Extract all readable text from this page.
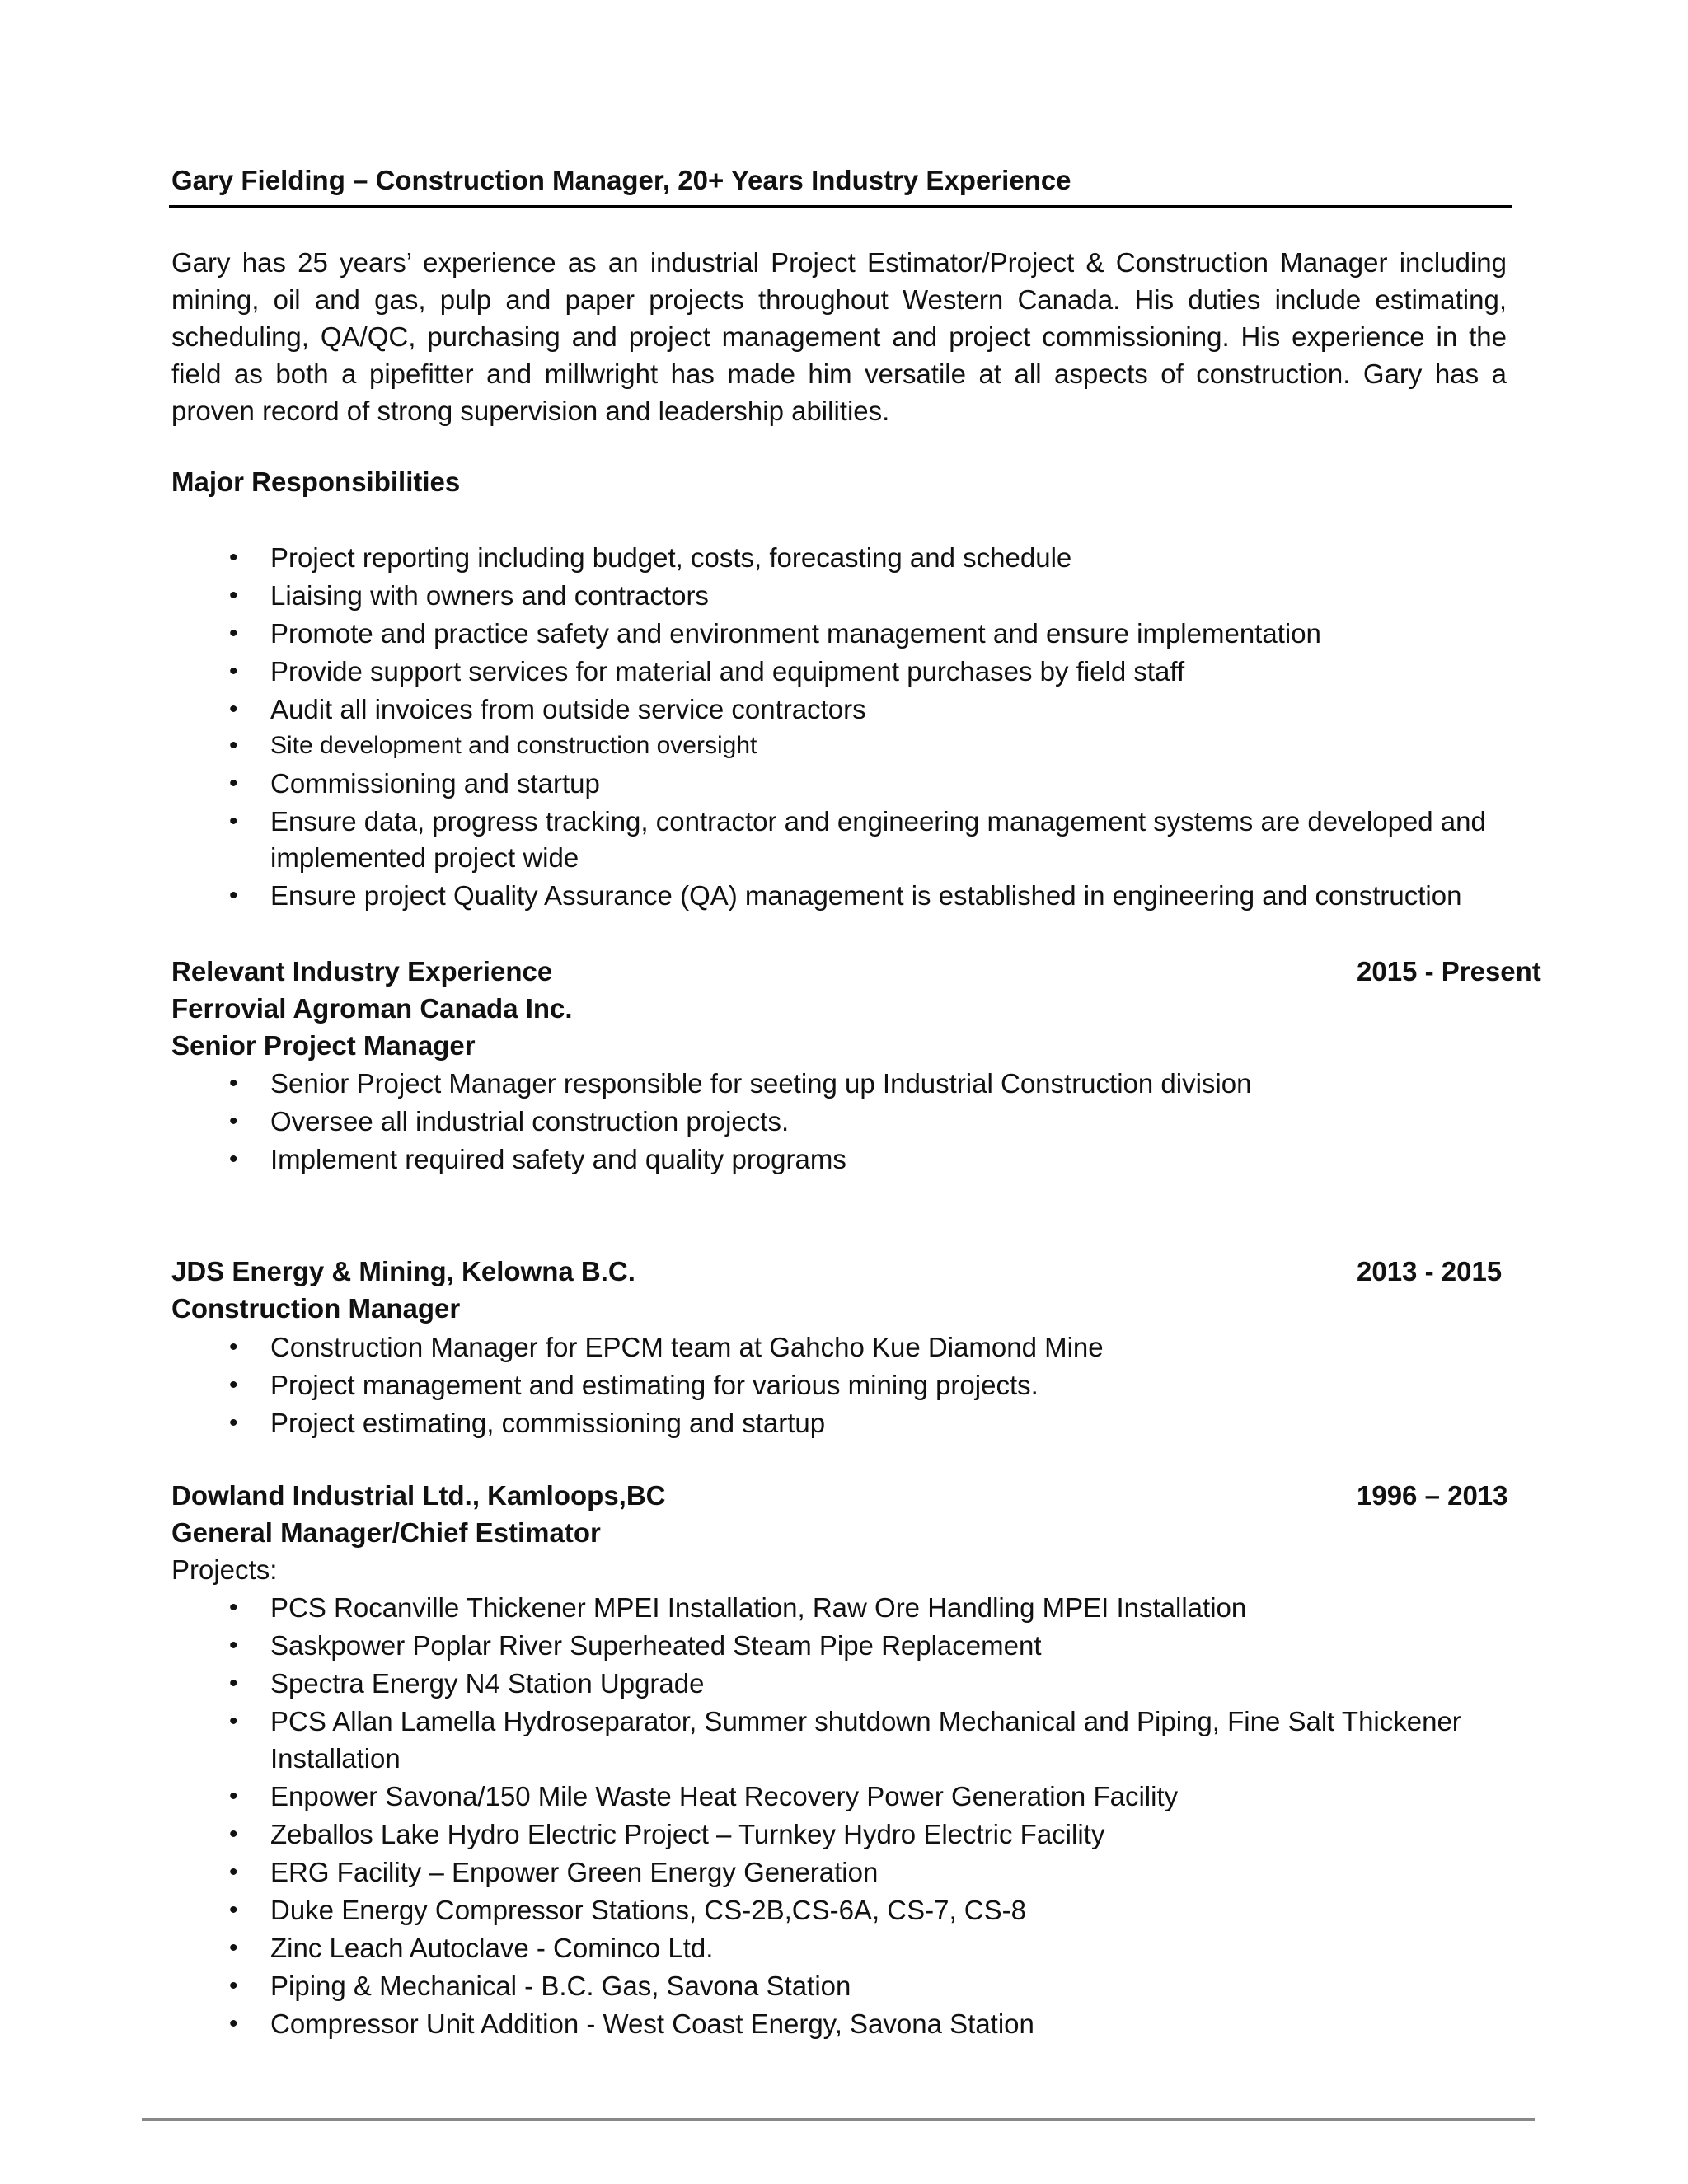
Gary Fielding – Construction Manager, 20+ Years Industry Experience
Gary has 25 years’ experience as an industrial Project Estimator/Project & Construction Manager including
mining, oil and gas, pulp and paper projects throughout Western Canada. His duties include estimating,
scheduling, QA/QC, purchasing and project management and project commissioning. His experience in the
field as both a pipefitter and millwright has made him versatile at all aspects of construction. Gary has a
proven record of strong supervision and leadership abilities.
Major Responsibilities
• Project reporting including budget, costs, forecasting and schedule
• Liaising with owners and contractors
• Promote and practice safety and environment management and ensure implementation
• Provide support services for material and equipment purchases by field staff
• Audit all invoices from outside service contractors
• Site development and construction oversight
• Commissioning and startup
• Ensure data, progress tracking, contractor and engineering management systems are developed and
implemented project wide
• Ensure project Quality Assurance (QA) management is established in engineering and construction
Relevant Industry Experience	2015 - Present
Ferrovial Agroman Canada Inc.
Senior Project Manager
• Senior Project Manager responsible for seeting up Industrial Construction division
• Oversee all industrial construction projects.
• Implement required safety and quality programs
JDS Energy & Mining, Kelowna B.C.	2013 - 2015
Construction Manager
• Construction Manager for EPCM team at Gahcho Kue Diamond Mine
• Project management and estimating for various mining projects.
• Project estimating, commissioning and startup
Dowland Industrial Ltd., Kamloops,BC	1996 – 2013
General Manager/Chief Estimator
Projects:
• PCS Rocanville Thickener MPEI Installation, Raw Ore Handling MPEI Installation
• Saskpower Poplar River Superheated Steam Pipe Replacement
• Spectra Energy N4 Station Upgrade
• PCS Allan Lamella Hydroseparator, Summer shutdown Mechanical and Piping, Fine Salt Thickener
Installation
• Enpower Savona/150 Mile Waste Heat Recovery Power Generation Facility
• Zeballos Lake Hydro Electric Project – Turnkey Hydro Electric Facility
• ERG Facility – Enpower Green Energy Generation
• Duke Energy Compressor Stations, CS-2B,CS-6A, CS-7, CS-8
• Zinc Leach Autoclave - Cominco Ltd.
• Piping & Mechanical - B.C. Gas, Savona Station
• Compressor Unit Addition - West Coast Energy, Savona Station
